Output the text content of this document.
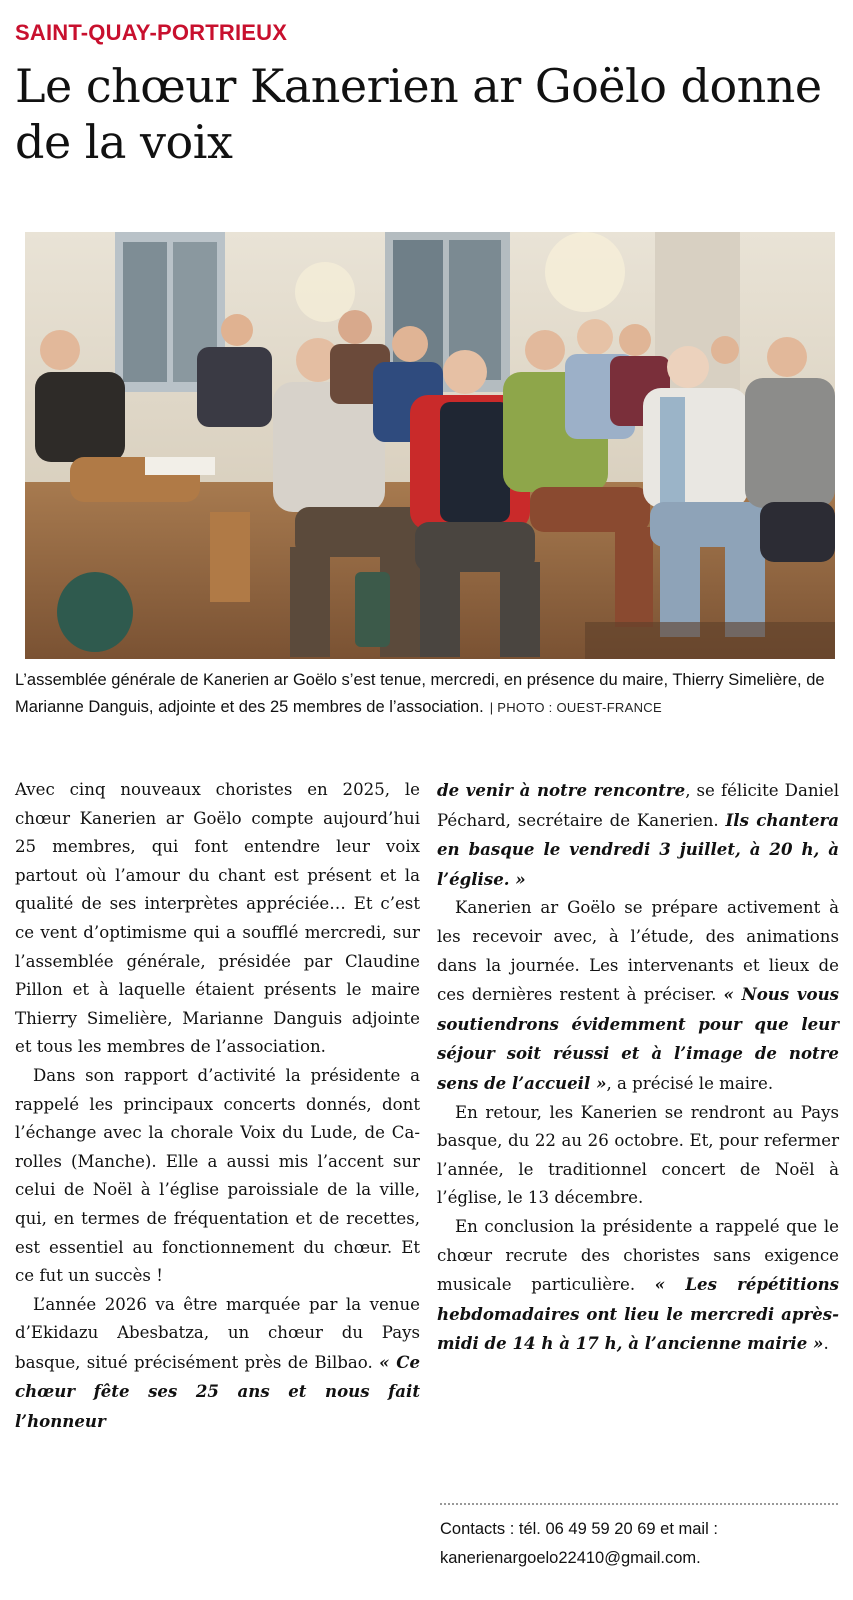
SAINT-QUAY-PORTRIEUX
Le chœur Kanerien ar Goëlo donne de la voix
L’assemblée générale de Kanerien ar Goëlo s’est tenue, mercredi, en présence du maire, Thierry Simelière, de Marianne Danguis, adjointe et des 25 membres de l’association. | PHOTO : OUEST-FRANCE

Avec cinq nouveaux choristes en 2025, le chœur Kanerien ar Goëlo compte aujourd’hui 25 membres, qui font entendre leur voix partout où l’amour du chant est présent et la qualité de ses interprètes appréciée… Et c’est ce vent d’optimisme qui a soufflé mercredi, sur l’assemblée générale, présidée par Claudine Pillon et à laquelle étaient présents le maire Thierry Simelière, Marianne Danguis adjointe et tous les membres de l’association.

Dans son rapport d’activité la présidente a rappelé les principaux concerts donnés, dont l’échange avec la chorale Voix du Lude, de Carolles (Manche). Elle a aussi mis l’accent sur celui de Noël à l’église paroissiale de la ville, qui, en termes de fréquentation et de recettes, est essentiel au fonctionnement du chœur. Et ce fut un succès !

L’année 2026 va être marquée par la venue d’Ekidazu Abesbatza, un chœur du Pays basque, situé précisément près de Bilbao. « Ce chœur fête ses 25 ans et nous fait l’honneur

de venir à notre rencontre, se félicite Daniel Péchard, secrétaire de Kanerien. Ils chantera en basque le vendredi 3 juillet, à 20 h, à l’église. »

Kanerien ar Goëlo se prépare activement à les recevoir avec, à l’étude, des animations dans la journée. Les intervenants et lieux de ces dernières restent à préciser. « Nous vous soutiendrons évidemment pour que leur séjour soit réussi et à l’image de notre sens de l’accueil », a précisé le maire.

En retour, les Kanerien se rendront au Pays basque, du 22 au 26 octobre. Et, pour refermer l’année, le traditionnel concert de Noël à l’église, le 13 décembre.

En conclusion la présidente a rappelé que le chœur recrute des choristes sans exigence musicale particulière. « Les répétitions hebdomadaires ont lieu le mercredi après-midi de 14 h à 17 h, à l’ancienne mairie ».

Contacts : tél. 06 49 59 20 69 et mail :
kanerienargoelo22410@gmail.com.
